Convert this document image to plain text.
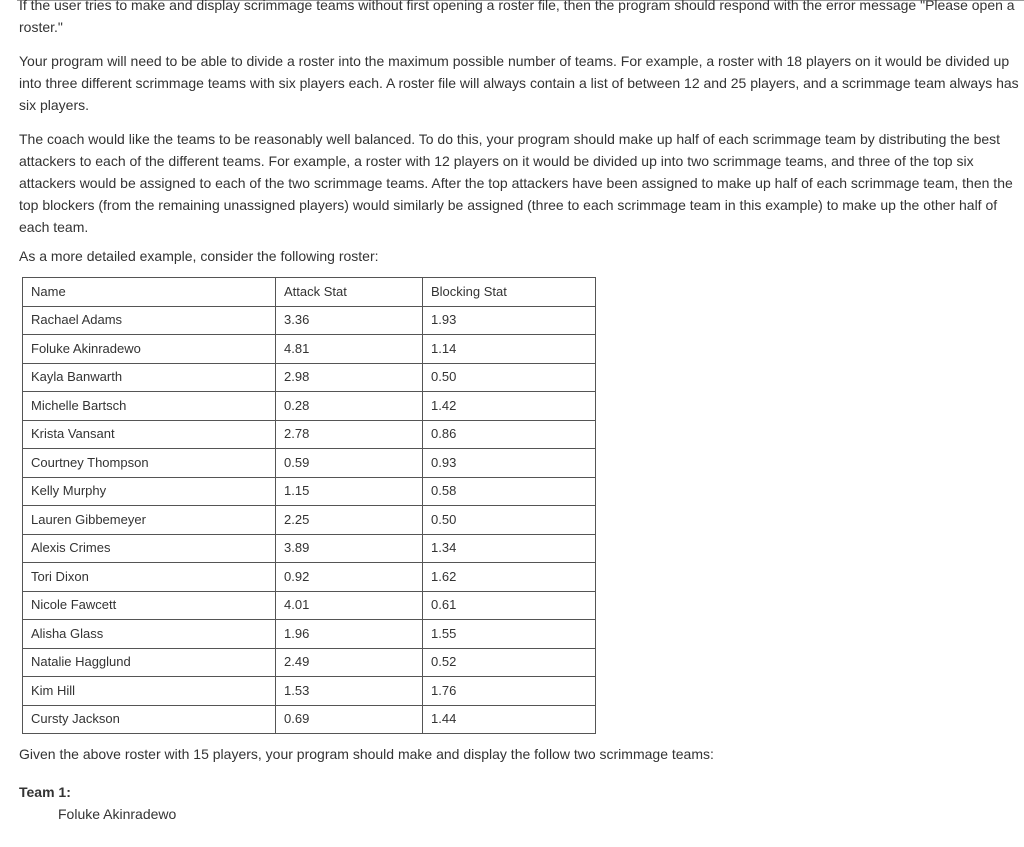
If the user tries to make and display scrimmage teams without first opening a roster file, then the program should respond with the error message "Please open a roster."

Your program will need to be able to divide a roster into the maximum possible number of teams. For example, a roster with 18 players on it would be divided up into three different scrimmage teams with six players each. A roster file will always contain a list of between 12 and 25 players, and a scrimmage team always has six players.

The coach would like the teams to be reasonably well balanced. To do this, your program should make up half of each scrimmage team by distributing the best attackers to each of the different teams. For example, a roster with 12 players on it would be divided up into two scrimmage teams, and three of the top six attackers would be assigned to each of the two scrimmage teams. After the top attackers have been assigned to make up half of each scrimmage team, then the top blockers (from the remaining unassigned players) would similarly be assigned (three to each scrimmage team in this example) to make up the other half of each team.

As a more detailed example, consider the following roster:

Name	Attack Stat	Blocking Stat
Rachael Adams	3.36	1.93
Foluke Akinradewo	4.81	1.14
Kayla Banwarth	2.98	0.50
Michelle Bartsch	0.28	1.42
Krista Vansant	2.78	0.86
Courtney Thompson	0.59	0.93
Kelly Murphy	1.15	0.58
Lauren Gibbemeyer	2.25	0.50
Alexis Crimes	3.89	1.34
Tori Dixon	0.92	1.62
Nicole Fawcett	4.01	0.61
Alisha Glass	1.96	1.55
Natalie Hagglund	2.49	0.52
Kim Hill	1.53	1.76
Cursty Jackson	0.69	1.44

Given the above roster with 15 players, your program should make and display the follow two scrimmage teams:

Team 1:
Foluke Akinradewo
